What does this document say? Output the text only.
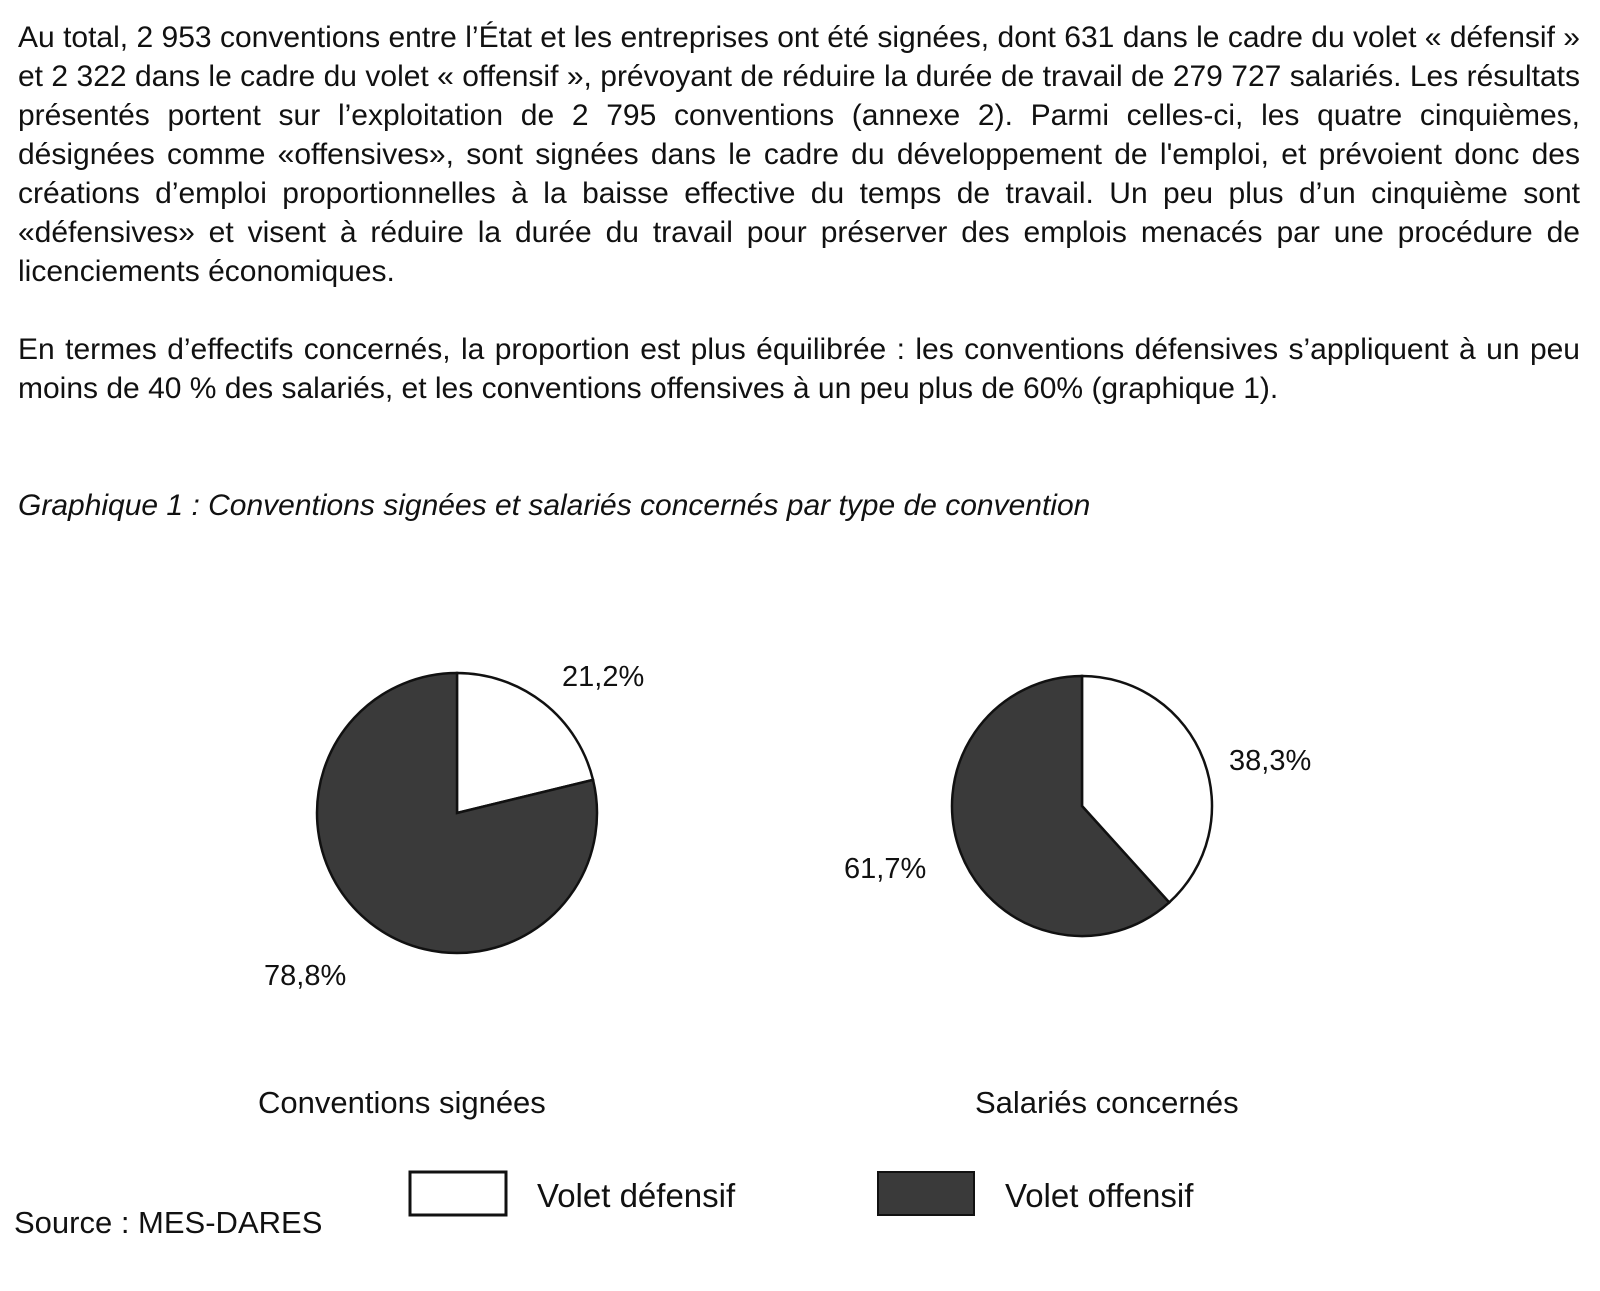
Au total, 2 953 conventions entre l’État et les entreprises ont été signées, dont 631 dans le cadre du volet « défensif » et 2 322 dans le cadre du volet « offensif », prévoyant de réduire la durée de travail de 279 727 salariés. Les résultats présentés portent sur l’exploitation de 2 795 conventions (annexe 2). Parmi celles-ci, les quatre cinquièmes, désignées comme «offensives», sont signées dans le cadre du développement de l'emploi, et prévoient donc des créations d’emploi proportionnelles à la baisse effective du temps de travail. Un peu plus d’un cinquième sont «défensives» et visent à réduire la durée du travail pour préserver des emplois menacés par une procédure de licenciements économiques.

En termes d’effectifs concernés, la proportion est plus équilibrée : les conventions défensives s’appliquent à un peu moins de 40 % des salariés, et les conventions offensives à un peu plus de 60% (graphique 1).

Graphique 1 : Conventions signées et salariés concernés par type de convention

21,2%
78,8%
Conventions signées
38,3%
61,7%
Salariés concernés
Volet défensif	Volet offensif

Source : MES-DARES
